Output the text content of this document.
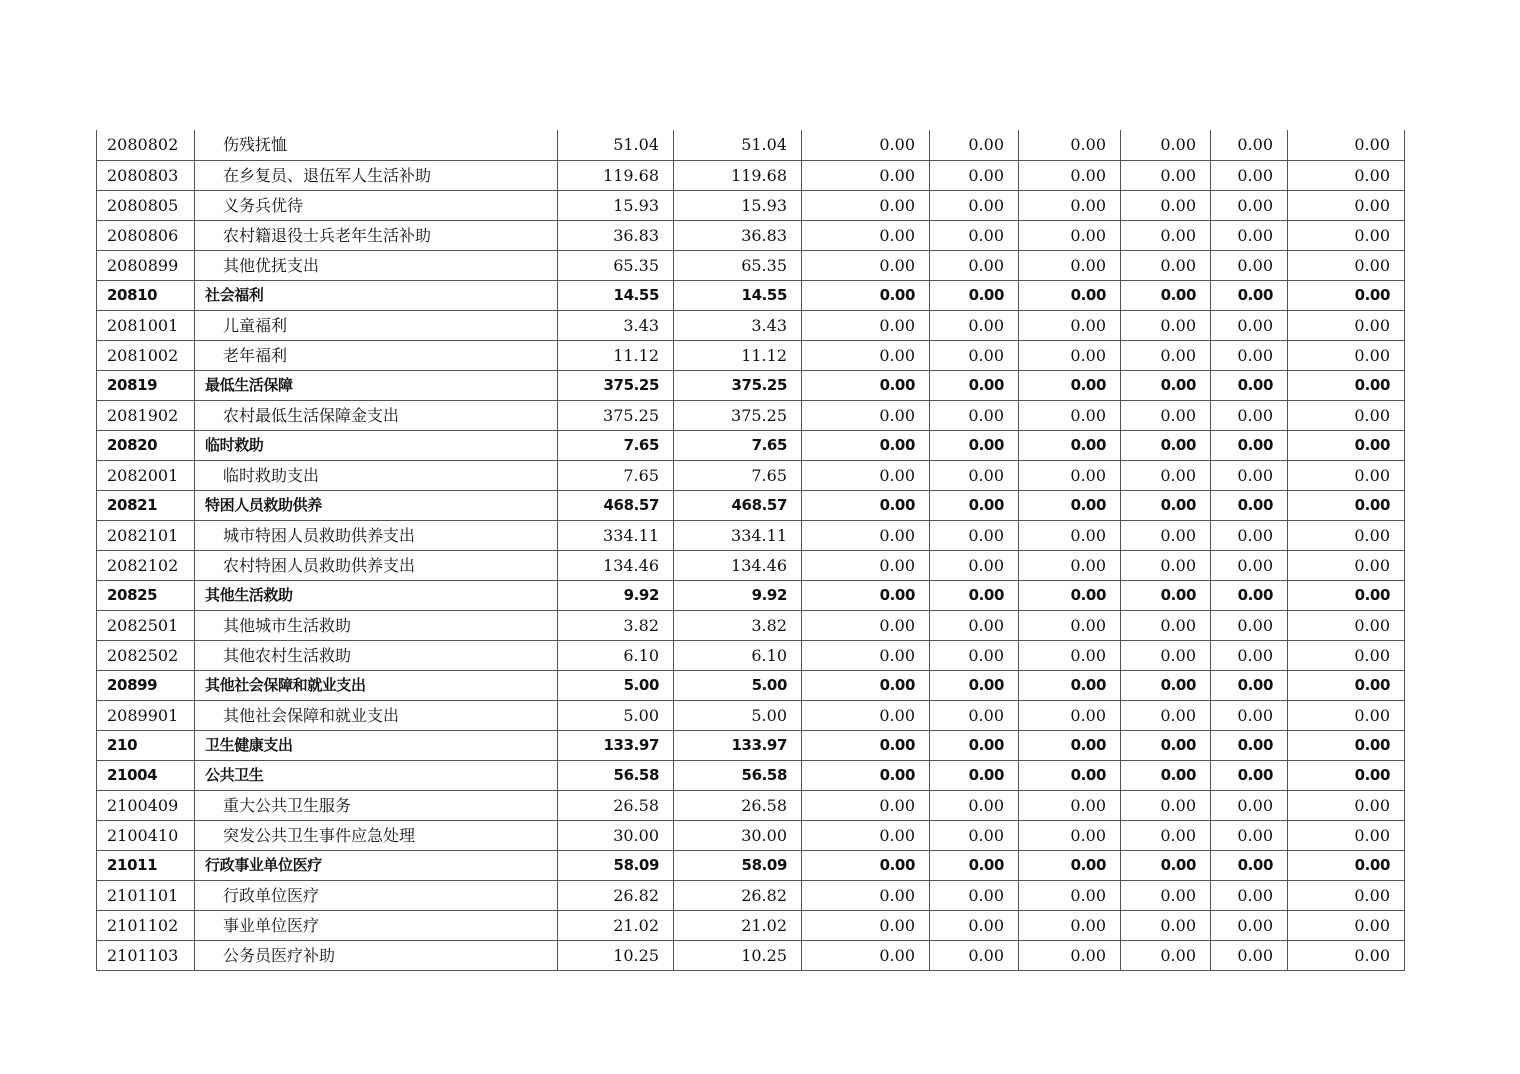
2080802	伤残抚恤	51.04	51.04	0.00	0.00	0.00	0.00	0.00	0.00
2080803	在乡复员、退伍军人生活补助	119.68	119.68	0.00	0.00	0.00	0.00	0.00	0.00
2080805	义务兵优待	15.93	15.93	0.00	0.00	0.00	0.00	0.00	0.00
2080806	农村籍退役士兵老年生活补助	36.83	36.83	0.00	0.00	0.00	0.00	0.00	0.00
2080899	其他优抚支出	65.35	65.35	0.00	0.00	0.00	0.00	0.00	0.00
20810	社会福利	14.55	14.55	0.00	0.00	0.00	0.00	0.00	0.00
2081001	儿童福利	3.43	3.43	0.00	0.00	0.00	0.00	0.00	0.00
2081002	老年福利	11.12	11.12	0.00	0.00	0.00	0.00	0.00	0.00
20819	最低生活保障	375.25	375.25	0.00	0.00	0.00	0.00	0.00	0.00
2081902	农村最低生活保障金支出	375.25	375.25	0.00	0.00	0.00	0.00	0.00	0.00
20820	临时救助	7.65	7.65	0.00	0.00	0.00	0.00	0.00	0.00
2082001	临时救助支出	7.65	7.65	0.00	0.00	0.00	0.00	0.00	0.00
20821	特困人员救助供养	468.57	468.57	0.00	0.00	0.00	0.00	0.00	0.00
2082101	城市特困人员救助供养支出	334.11	334.11	0.00	0.00	0.00	0.00	0.00	0.00
2082102	农村特困人员救助供养支出	134.46	134.46	0.00	0.00	0.00	0.00	0.00	0.00
20825	其他生活救助	9.92	9.92	0.00	0.00	0.00	0.00	0.00	0.00
2082501	其他城市生活救助	3.82	3.82	0.00	0.00	0.00	0.00	0.00	0.00
2082502	其他农村生活救助	6.10	6.10	0.00	0.00	0.00	0.00	0.00	0.00
20899	其他社会保障和就业支出	5.00	5.00	0.00	0.00	0.00	0.00	0.00	0.00
2089901	其他社会保障和就业支出	5.00	5.00	0.00	0.00	0.00	0.00	0.00	0.00
210	卫生健康支出	133.97	133.97	0.00	0.00	0.00	0.00	0.00	0.00
21004	公共卫生	56.58	56.58	0.00	0.00	0.00	0.00	0.00	0.00
2100409	重大公共卫生服务	26.58	26.58	0.00	0.00	0.00	0.00	0.00	0.00
2100410	突发公共卫生事件应急处理	30.00	30.00	0.00	0.00	0.00	0.00	0.00	0.00
21011	行政事业单位医疗	58.09	58.09	0.00	0.00	0.00	0.00	0.00	0.00
2101101	行政单位医疗	26.82	26.82	0.00	0.00	0.00	0.00	0.00	0.00
2101102	事业单位医疗	21.02	21.02	0.00	0.00	0.00	0.00	0.00	0.00
2101103	公务员医疗补助	10.25	10.25	0.00	0.00	0.00	0.00	0.00	0.00
